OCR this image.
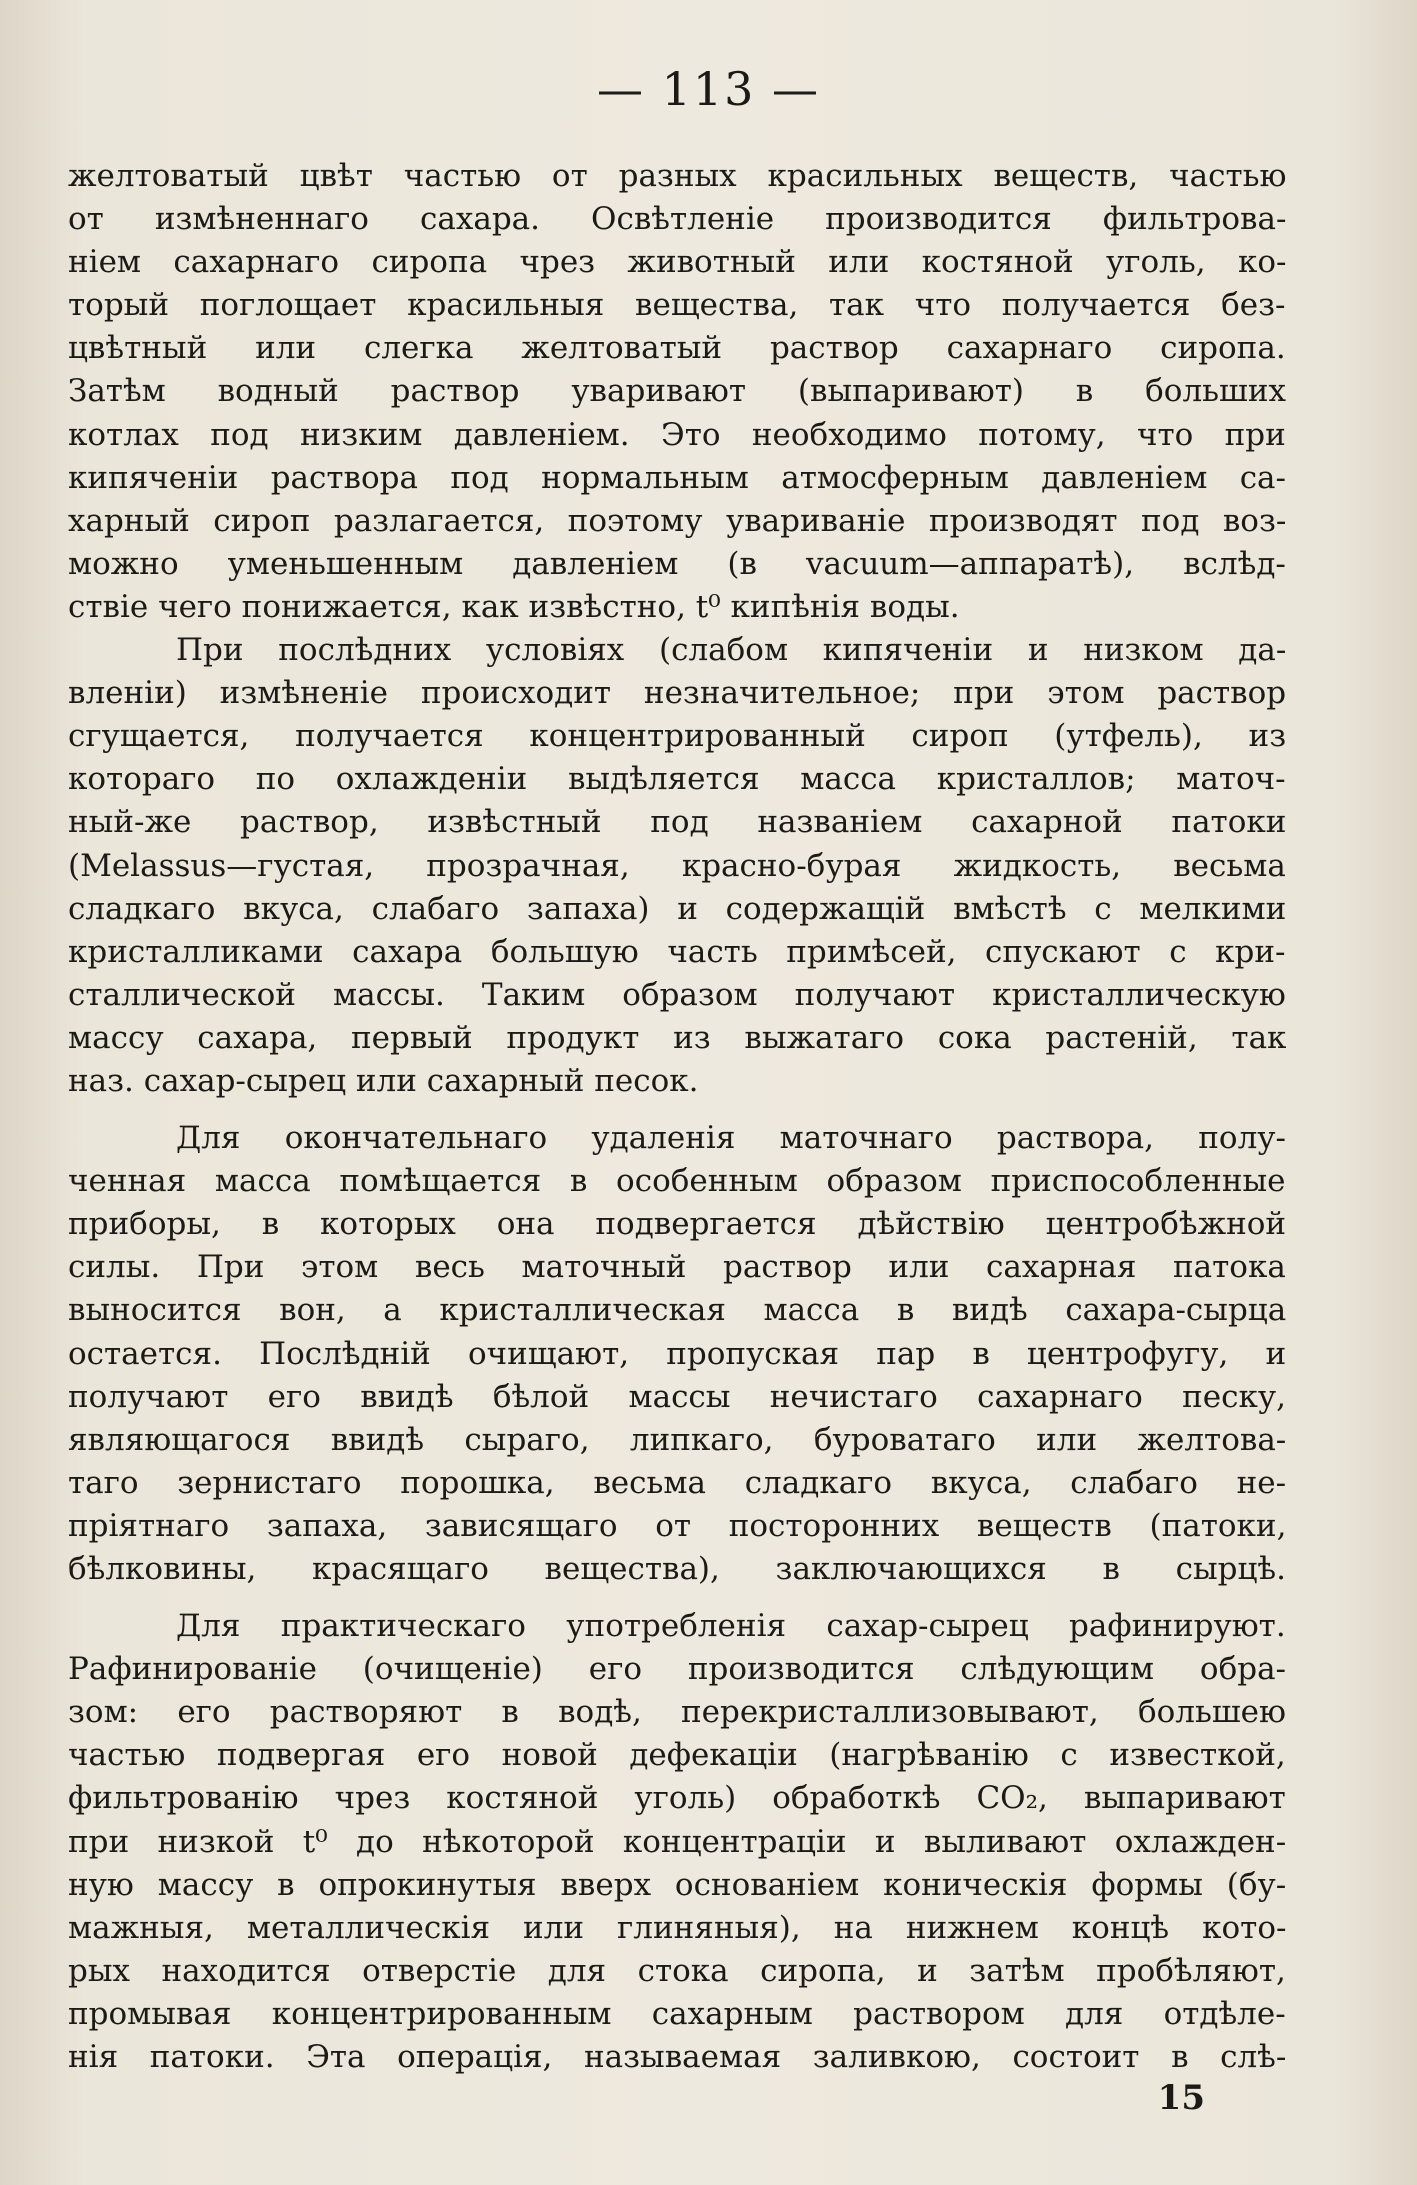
— 113 —
желтоватый цвѣт частью от разных красильных веществ, частью
от измѣненнаго сахара. Освѣтленіе производится фильтрова-
ніем сахарнаго сиропа чрез животный или костяной уголь, ко-
торый поглощает красильныя вещества, так что получается без-
цвѣтный или слегка желтоватый раствор сахарнаго сиропа.
Затѣм водный раствор уваривают (выпаривают) в больших
котлах под низким давленіем. Это необходимо потому, что при
кипяченіи раствора под нормальным атмосферным давленіем са-
харный сироп разлагается, поэтому увариваніе производят под воз-
можно уменьшенным давленіем (в vacuum—аппаратѣ), вслѣд-
ствіе чего понижается, как извѣстно, t⁰ кипѣнія воды.
При послѣдних условіях (слабом кипяченіи и низком да-
вленіи) измѣненіе происходит незначительное; при этом раствор
сгущается, получается концентрированный сироп (утфель), из
котораго по охлажденіи выдѣляется масса кристаллов; маточ-
ный-же раствор, извѣстный под названіем сахарной патоки
(Melassus—густая, прозрачная, красно-бурая жидкость, весьма
сладкаго вкуса, слабаго запаха) и содержащій вмѣстѣ с мелкими
кристалликами сахара большую часть примѣсей, спускают с кри-
сталлической массы. Таким образом получают кристаллическую
массу сахара, первый продукт из выжатаго сока растеній, так
наз. сахар-сырец или сахарный песок.
Для окончательнаго удаленія маточнаго раствора, полу-
ченная масса помѣщается в особенным образом приспособленные
приборы, в которых она подвергается дѣйствію центробѣжной
силы. При этом весь маточный раствор или сахарная патока
выносится вон, а кристаллическая масса в видѣ сахара-сырца
остается. Послѣдній очищают, пропуская пар в центрофугу, и
получают его ввидѣ бѣлой массы нечистаго сахарнаго песку,
являющагося ввидѣ сыраго, липкаго, буроватаго или желтова-
таго зернистаго порошка, весьма сладкаго вкуса, слабаго не-
пріятнаго запаха, зависящаго от посторонних веществ (патоки,
бѣлковины, красящаго вещества), заключающихся в сырцѣ.
Для практическаго употребленія сахар-сырец рафинируют.
Рафинированіе (очищеніе) его производится слѣдующим обра-
зом: его растворяют в водѣ, перекристаллизовывают, большею
частью подвергая его новой дефекаціи (нагрѣванію с известкой,
фильтрованію чрез костяной уголь) обработкѣ CO₂, выпаривают
при низкой t⁰ до нѣкоторой концентраціи и выливают охлажден-
ную массу в опрокинутыя вверх основаніем коническія формы (бу-
мажныя, металлическія или глиняныя), на нижнем концѣ кото-
рых находится отверстіе для стока сиропа, и затѣм пробѣляют,
промывая концентрированным сахарным раствором для отдѣле-
нія патоки. Эта операція, называемая заливкою, состоит в слѣ-
15
